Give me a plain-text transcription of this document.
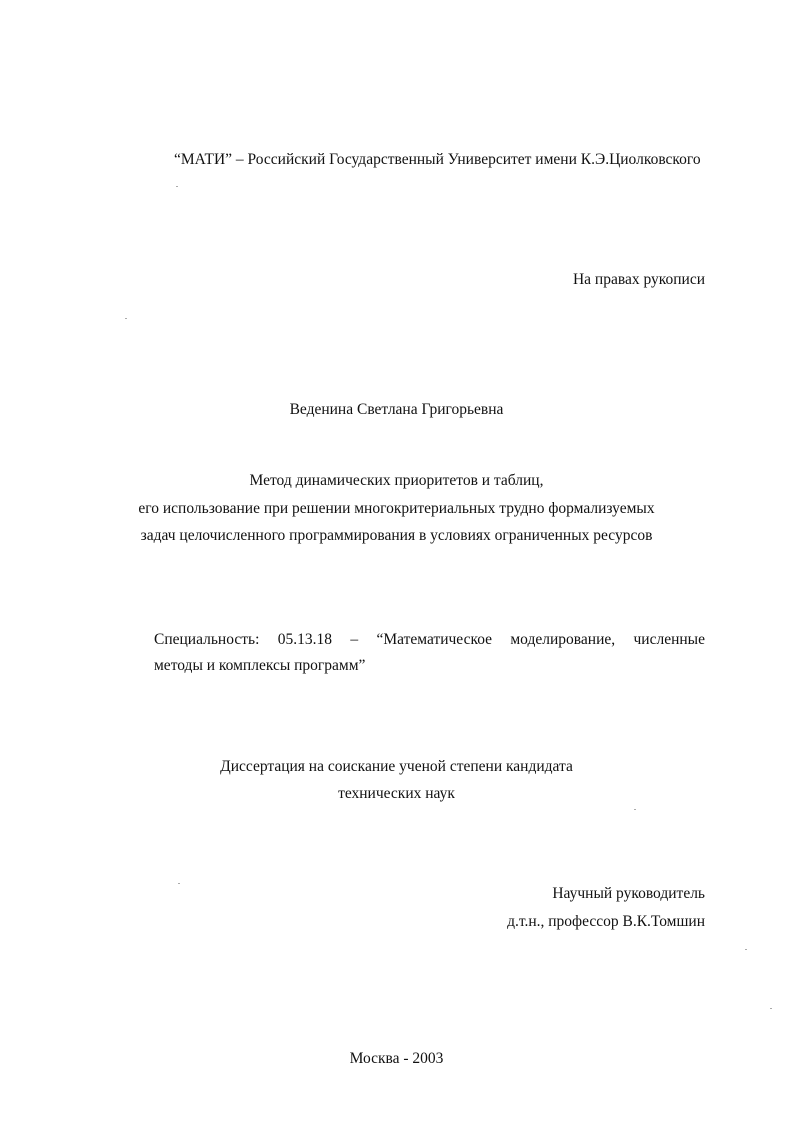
“МАТИ” – Российский Государственный Университет имени К.Э.Циолковского
На правах рукописи
Веденина Светлана Григорьевна
Метод динамических приоритетов и таблиц,
его использование при решении многокритериальных трудно формализуемых
задач целочисленного программирования в условиях ограниченных ресурсов
Специальность: 05.13.18 – “Математическое моделирование, численные
методы и комплексы программ”
Диссертация на соискание ученой степени кандидата
технических наук
Научный руководитель
д.т.н., профессор В.К.Томшин
Москва - 2003
